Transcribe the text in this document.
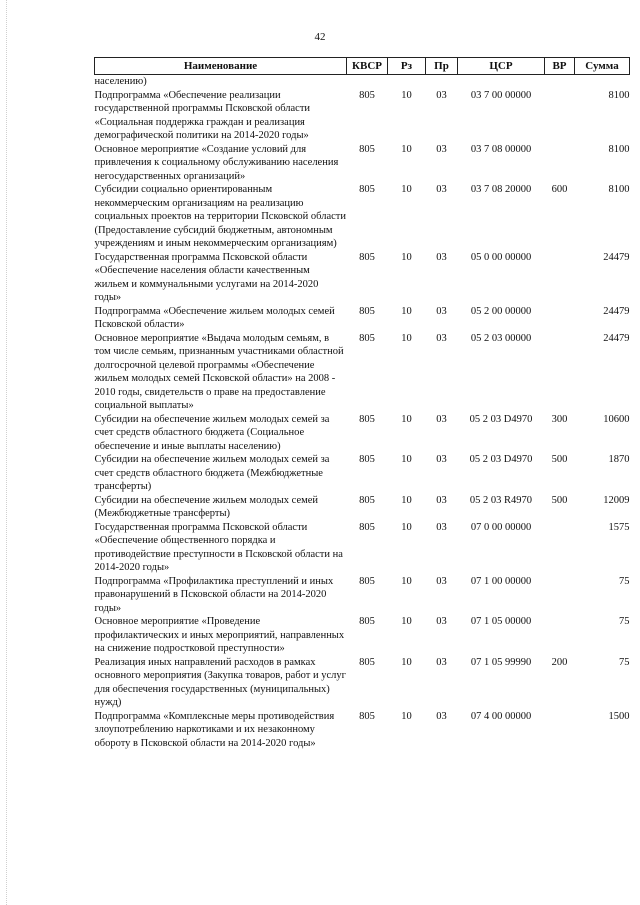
42
Наименование	КВСР	Рз	Пр	ЦСР	ВР	Сумма
населению)						
Подпрограмма «Обеспечение реализации государственной программы Псковской области «Социальная поддержка граждан и реализация демографической политики на 2014-2020 годы»	805	10	03	03 7 00 00000		8100
Основное мероприятие «Создание условий для привлечения к социальному обслуживанию населения негосударственных организаций»	805	10	03	03 7 08 00000		8100
Субсидии социально ориентированным некоммерческим организациям на реализацию социальных проектов на территории Псковской области (Предоставление субсидий бюджетным, автономным учреждениям и иным некоммерческим организациям)	805	10	03	03 7 08 20000	600	8100
Государственная программа Псковской области «Обеспечение населения области качественным жильем и коммунальными услугами на 2014-2020 годы»	805	10	03	05 0 00 00000		24479
Подпрограмма «Обеспечение жильем молодых семей Псковской области»	805	10	03	05 2 00 00000		24479
Основное мероприятие «Выдача молодым семьям, в том числе семьям, признанным участниками областной долгосрочной целевой программы «Обеспечение жильем молодых семей Псковской области» на 2008 - 2010 годы, свидетельств о праве на предоставление социальной выплаты»	805	10	03	05 2 03 00000		24479
Субсидии на обеспечение жильем молодых семей за счет средств областного бюджета (Социальное обеспечение и иные выплаты населению)	805	10	03	05 2 03 D4970	300	10600
Субсидии на обеспечение жильем молодых семей за счет средств областного бюджета (Межбюджетные трансферты)	805	10	03	05 2 03 D4970	500	1870
Субсидии на обеспечение жильем молодых семей (Межбюджетные трансферты)	805	10	03	05 2 03 R4970	500	12009
Государственная программа Псковской области «Обеспечение общественного порядка и противодействие преступности в Псковской области на 2014-2020 годы»	805	10	03	07 0 00 00000		1575
Подпрограмма «Профилактика преступлений и иных правонарушений в Псковской области на 2014-2020 годы»	805	10	03	07 1 00 00000		75
Основное мероприятие «Проведение профилактических и иных мероприятий, направленных на снижение подростковой преступности»	805	10	03	07 1 05 00000		75
Реализация иных направлений расходов в рамках основного мероприятия (Закупка товаров, работ и услуг для обеспечения государственных (муниципальных) нужд)	805	10	03	07 1 05 99990	200	75
Подпрограмма «Комплексные меры противодействия злоупотреблению наркотиками и их незаконному обороту в Псковской области на 2014-2020 годы»	805	10	03	07 4 00 00000		1500
